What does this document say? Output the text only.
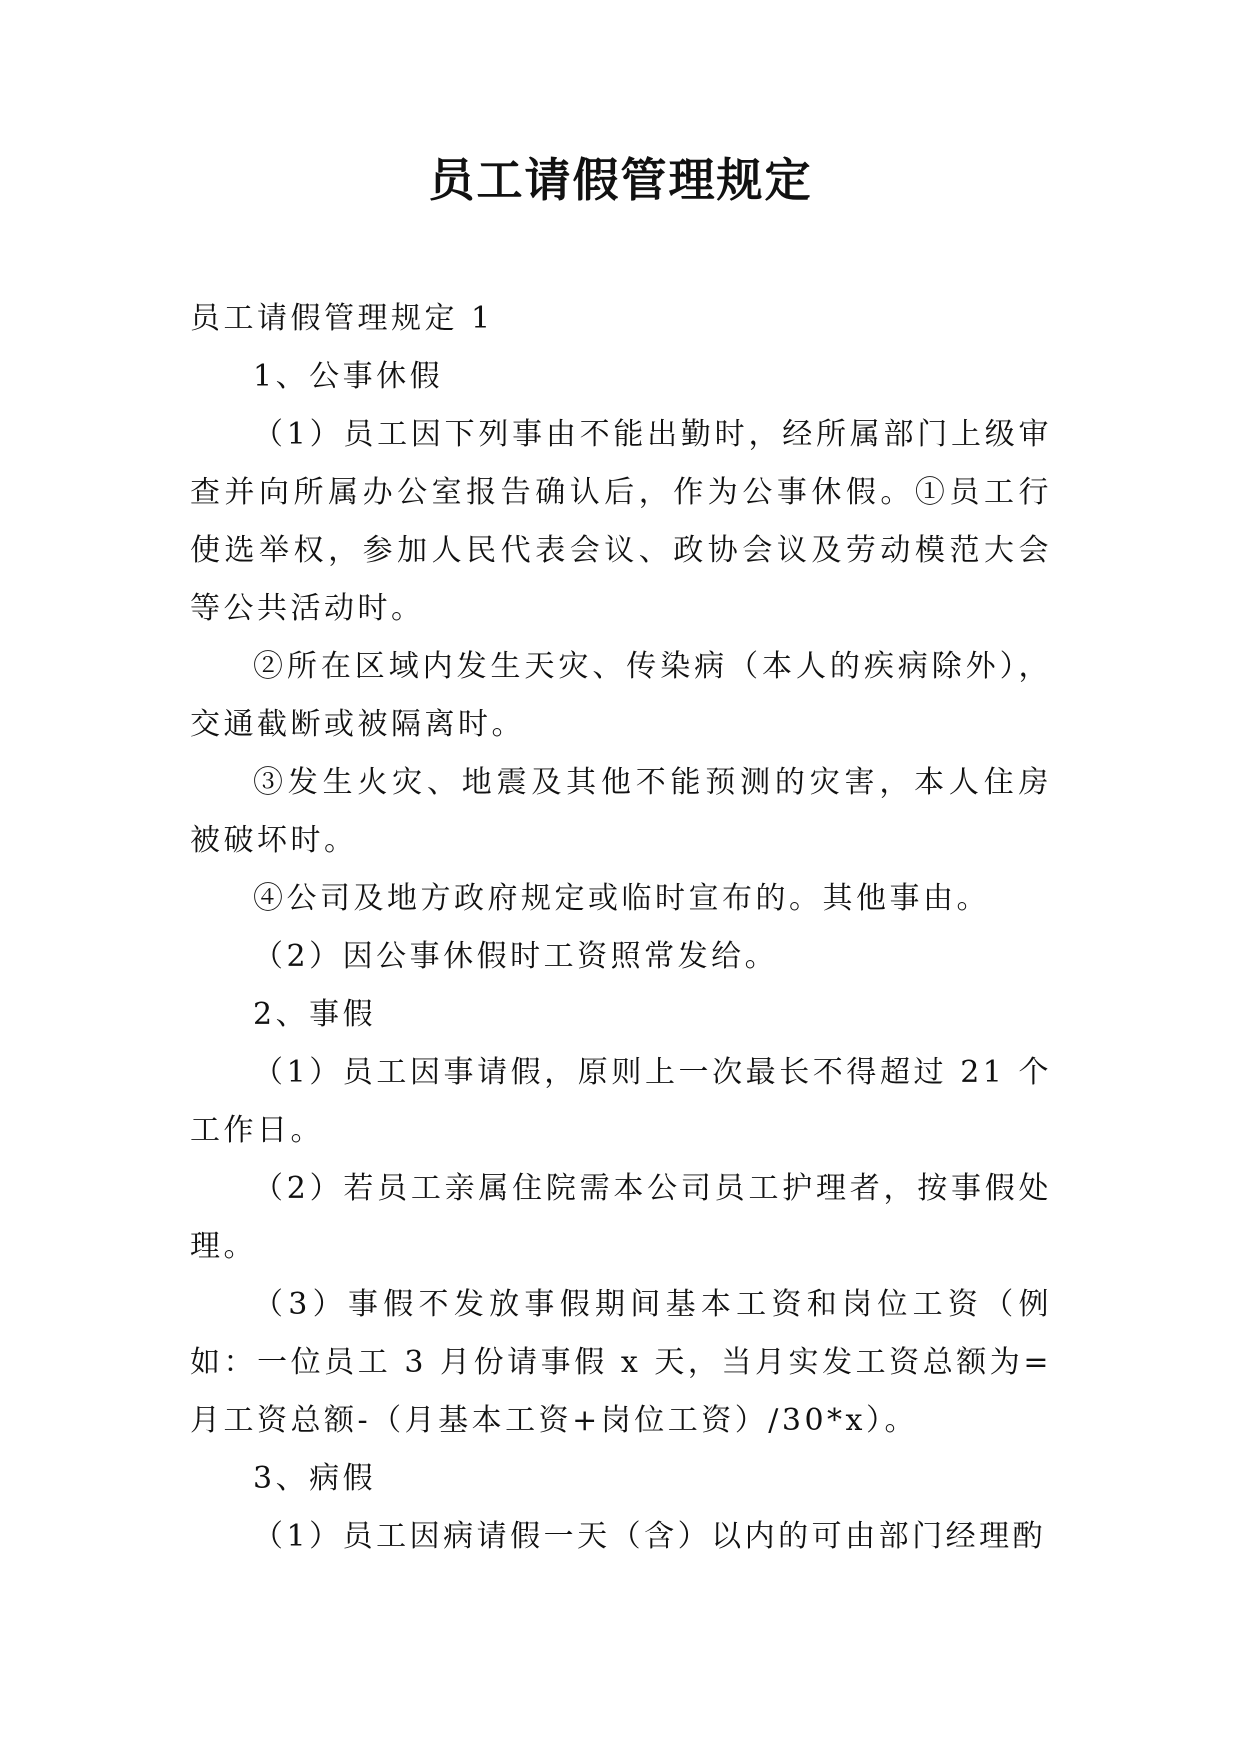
员工请假管理规定

员工请假管理规定 1

1、公事休假

（1）员工因下列事由不能出勤时，经所属部门上级审查并向所属办公室报告确认后，作为公事休假。①员工行使选举权，参加人民代表会议、政协会议及劳动模范大会等公共活动时。

②所在区域内发生天灾、传染病（本人的疾病除外），交通截断或被隔离时。

③发生火灾、地震及其他不能预测的灾害，本人住房被破坏时。

④公司及地方政府规定或临时宣布的。其他事由。

（2）因公事休假时工资照常发给。

2、事假

（1）员工因事请假，原则上一次最长不得超过 21 个工作日。

（2）若员工亲属住院需本公司员工护理者，按事假处理。

（3）事假不发放事假期间基本工资和岗位工资（例如：一位员工 3 月份请事假 x 天，当月实发工资总额为=月工资总额-（月基本工资+岗位工资）/30*x）。

3、病假

（1）员工因病请假一天（含）以内的可由部门经理酌
